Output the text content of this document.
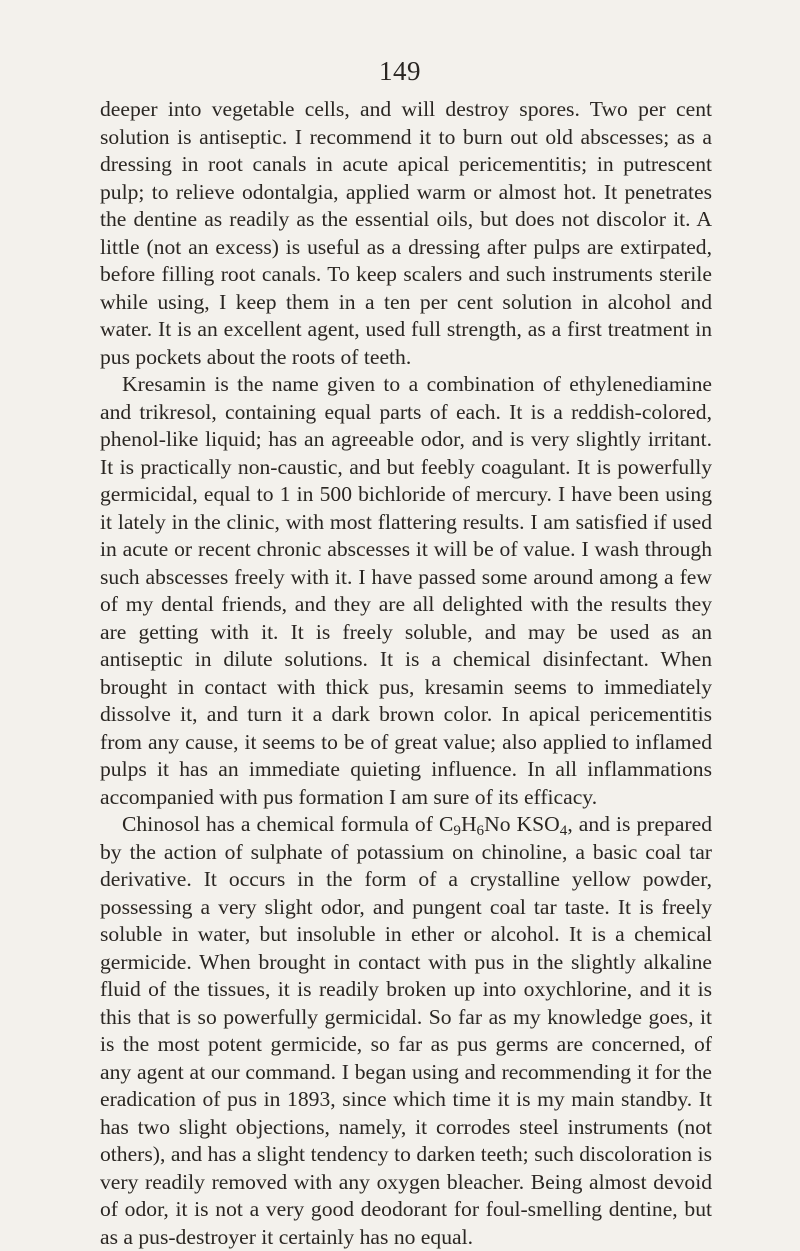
149

deeper into vegetable cells, and will destroy spores. Two per cent solution is antiseptic. I recommend it to burn out old abscesses; as a dressing in root canals in acute apical pericementitis; in putrescent pulp; to relieve odontalgia, applied warm or almost hot. It penetrates the dentine as readily as the essential oils, but does not discolor it. A little (not an excess) is useful as a dressing after pulps are extirpated, before filling root canals. To keep scalers and such instruments sterile while using, I keep them in a ten per cent solution in alcohol and water. It is an excellent agent, used full strength, as a first treatment in pus pockets about the roots of teeth.

Kresamin is the name given to a combination of ethylenediamine and trikresol, containing equal parts of each. It is a reddish-colored, phenol-like liquid; has an agreeable odor, and is very slightly irritant. It is practically non-caustic, and but feebly coagulant. It is powerfully germicidal, equal to 1 in 500 bichloride of mercury. I have been using it lately in the clinic, with most flattering results. I am satisfied if used in acute or recent chronic abscesses it will be of value. I wash through such abscesses freely with it. I have passed some around among a few of my dental friends, and they are all delighted with the results they are getting with it. It is freely soluble, and may be used as an antiseptic in dilute solutions. It is a chemical disinfectant. When brought in contact with thick pus, kresamin seems to immediately dissolve it, and turn it a dark brown color. In apical pericementitis from any cause, it seems to be of great value; also applied to inflamed pulps it has an immediate quieting influence. In all inflammations accompanied with pus formation I am sure of its efficacy.

Chinosol has a chemical formula of $C_9H_6No$ $KSO_4$, and is prepared by the action of sulphate of potassium on chinoline, a basic coal tar derivative. It occurs in the form of a crystalline yellow powder, possessing a very slight odor, and pungent coal tar taste. It is freely soluble in water, but insoluble in ether or alcohol. It is a chemical germicide. When brought in contact with pus in the slightly alkaline fluid of the tissues, it is readily broken up into oxychlorine, and it is this that is so powerfully germicidal. So far as my knowledge goes, it is the most potent germicide, so far as pus germs are concerned, of any agent at our command. I began using and recommending it for the eradication of pus in 1893, since which time it is my main standby. It has two slight objections, namely, it corrodes steel instruments (not others), and has a slight tendency to darken teeth; such discoloration is very readily removed with any oxygen bleacher. Being almost devoid of odor, it is not a very good deodorant for foul-smelling dentine, but as a pus-destroyer it certainly has no equal.
